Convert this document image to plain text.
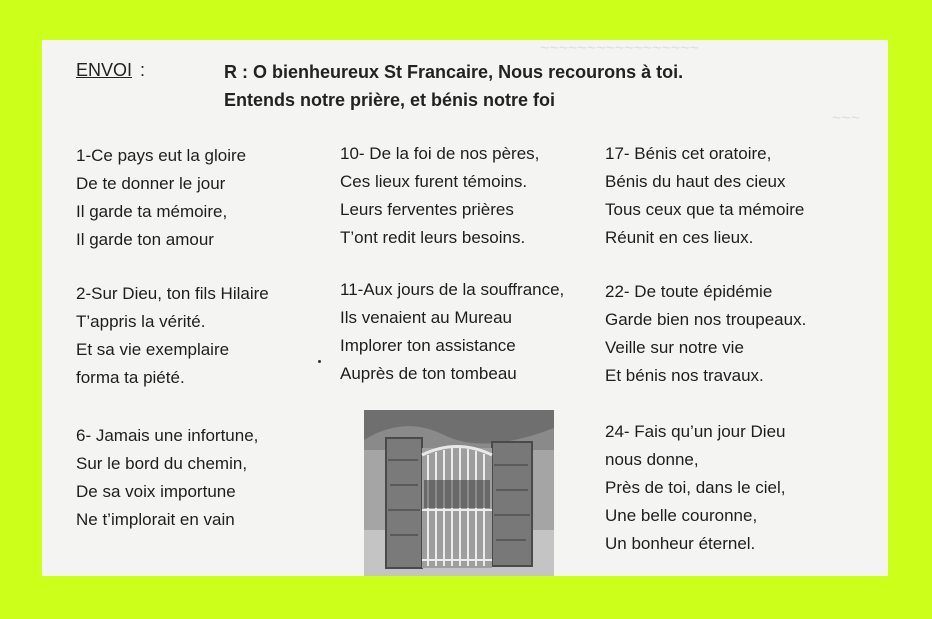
~~~~~~~~~~~~~~~~~
~~~
ENVOI :	R : O bienheureux St Francaire, Nous recourons à toi.
Entends notre prière, et bénis notre foi
1-Ce pays eut la gloire
De te donner le jour
Il garde ta mémoire,
Il garde ton amour
2-Sur Dieu, ton fils Hilaire
T’appris la vérité.
Et sa vie exemplaire
forma ta piété.
6- Jamais une infortune,
Sur le bord du chemin,
De sa voix importune
Ne t’implorait en vain
10- De la foi de nos pères,
Ces lieux furent témoins.
Leurs ferventes prières
T’ont redit leurs besoins.
11-Aux jours de la souffrance,
Ils venaient au Mureau
Implorer ton assistance
Auprès de ton tombeau
17- Bénis cet oratoire,
Bénis du haut des cieux
Tous ceux que ta mémoire
Réunit en ces lieux.
22- De toute épidémie
Garde bien nos troupeaux.
Veille sur notre vie
Et bénis nos travaux.
24- Fais qu’un jour Dieu
nous donne,
Près de toi, dans le ciel,
Une belle couronne,
Un bonheur éternel.
